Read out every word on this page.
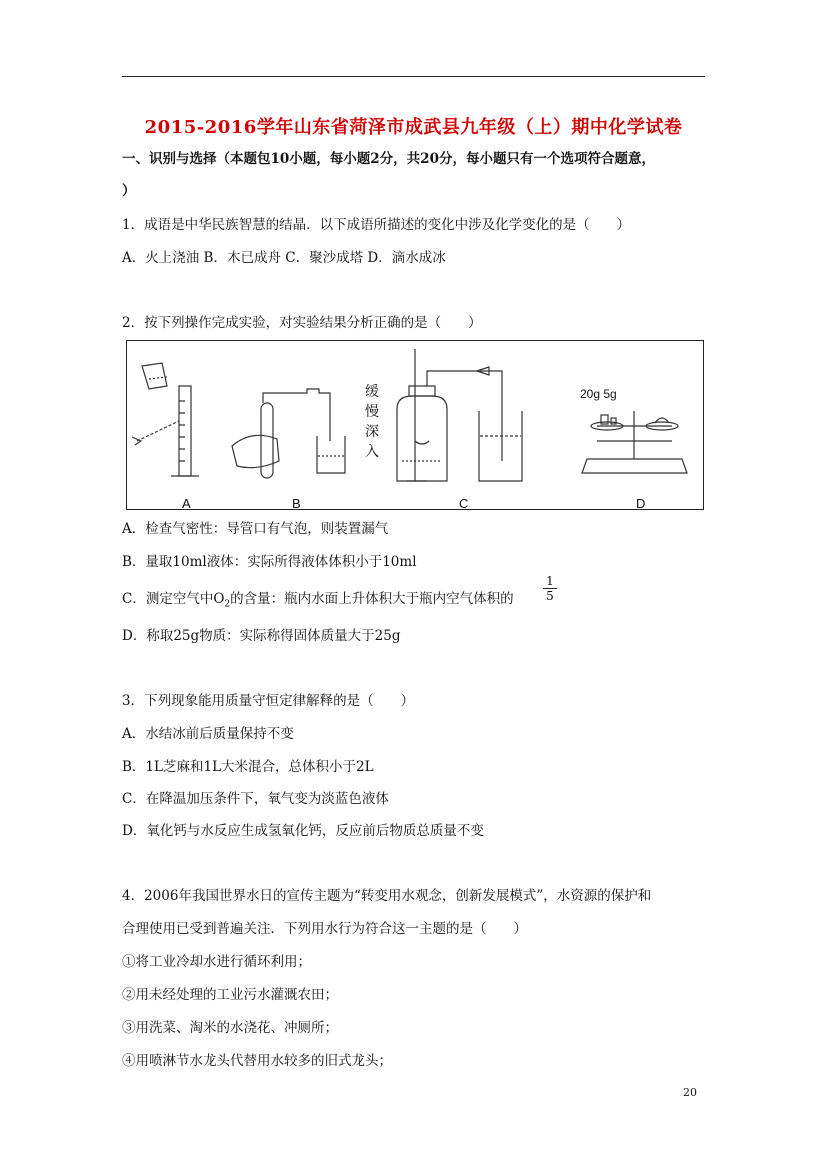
2015-2016学年山东省菏泽市成武县九年级（上）期中化学试卷
一、识别与选择（本题包10小题，每小题2分，共20分，每小题只有一个选项符合题意，
）
1．成语是中华民族智慧的结晶．以下成语所描述的变化中涉及化学变化的是（　　）
A．火上浇油 B．木已成舟 C．聚沙成塔 D．滴水成冰
2．按下列操作完成实验，对实验结果分析正确的是（　　）
A	B	C	D
缓
慢
深
入
20g 5g
A．检查气密性：导管口有气泡，则装置漏气
B．量取10ml液体：实际所得液体体积小于10ml
C．测定空气中$O_2$的含量：瓶内水面上升体积大于瓶内空气体积的 $\frac{1}{5}$
D．称取25g物质：实际称得固体质量大于25g
3．下列现象能用质量守恒定律解释的是（　　）
A．水结冰前后质量保持不变
B．1L芝麻和1L大米混合，总体积小于2L
C．在降温加压条件下，氧气变为淡蓝色液体
D．氧化钙与水反应生成氢氧化钙，反应前后物质总质量不变
4．2006年我国世界水日的宣传主题为“转变用水观念，创新发展模式”，水资源的保护和
合理使用已受到普遍关注．下列用水行为符合这一主题的是（　　）
①将工业冷却水进行循环利用；
②用未经处理的工业污水灌溉农田；
③用洗菜、淘米的水浇花、冲厕所；
④用喷淋节水龙头代替用水较多的旧式龙头；
20
